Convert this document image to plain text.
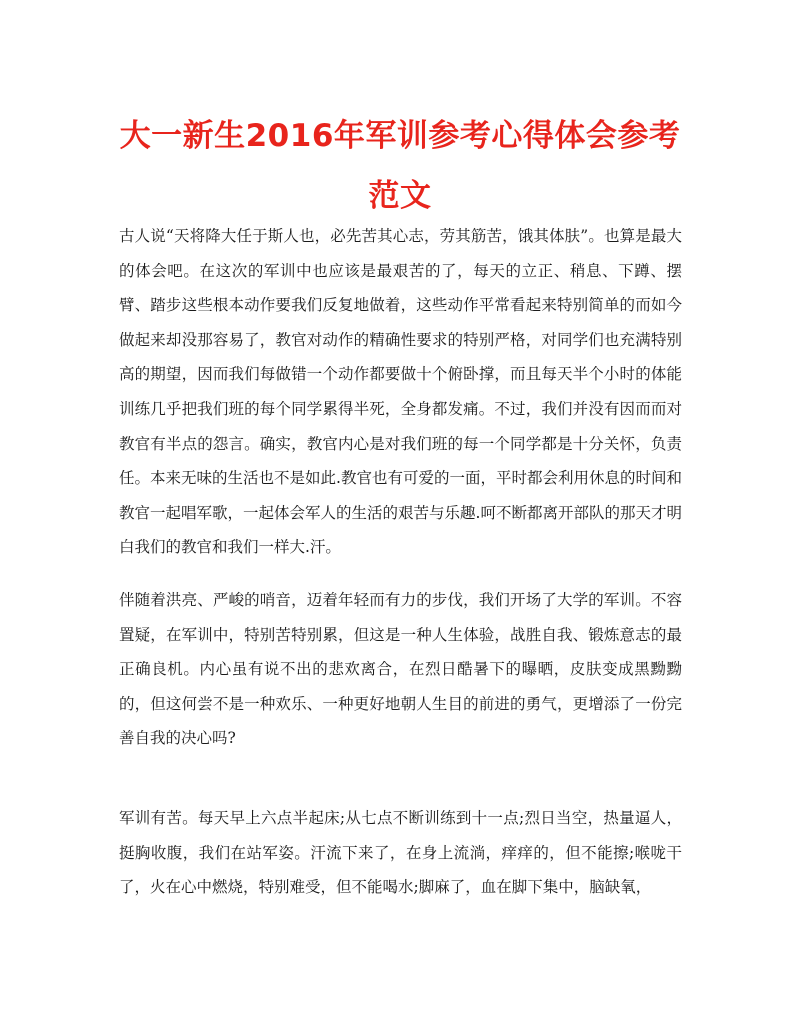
大一新生2016年军训参考心得体会参考范文

古人说“天将降大任于斯人也，必先苦其心志，劳其筋苦，饿其体肤”。也算是最大的体会吧。在这次的军训中也应该是最艰苦的了，每天的立正、稍息、下蹲、摆臂、踏步这些根本动作要我们反复地做着，这些动作平常看起来特别简单的而如今做起来却没那容易了，教官对动作的精确性要求的特别严格，对同学们也充满特别高的期望，因而我们每做错一个动作都要做十个俯卧撑，而且每天半个小时的体能训练几乎把我们班的每个同学累得半死，全身都发痛。不过，我们并没有因而而对教官有半点的怨言。确实，教官内心是对我们班的每一个同学都是十分关怀，负责任。本来无味的生活也不是如此.教官也有可爱的一面，平时都会利用休息的时间和教官一起唱军歌，一起体会军人的生活的艰苦与乐趣.呵不断都离开部队的那天才明白我们的教官和我们一样大.汗。

伴随着洪亮、严峻的哨音，迈着年轻而有力的步伐，我们开场了大学的军训。不容置疑，在军训中，特别苦特别累，但这是一种人生体验，战胜自我、锻炼意志的最正确良机。内心虽有说不出的悲欢离合，在烈日酷暑下的曝晒，皮肤变成黑黝黝的，但这何尝不是一种欢乐、一种更好地朝人生目的前进的勇气，更增添了一份完善自我的决心吗?

军训有苦。每天早上六点半起床;从七点不断训练到十一点;烈日当空，热量逼人，挺胸收腹，我们在站军姿。汗流下来了，在身上流淌，痒痒的，但不能擦;喉咙干了，火在心中燃烧，特别难受，但不能喝水;脚麻了，血在脚下集中，脑缺氧，
